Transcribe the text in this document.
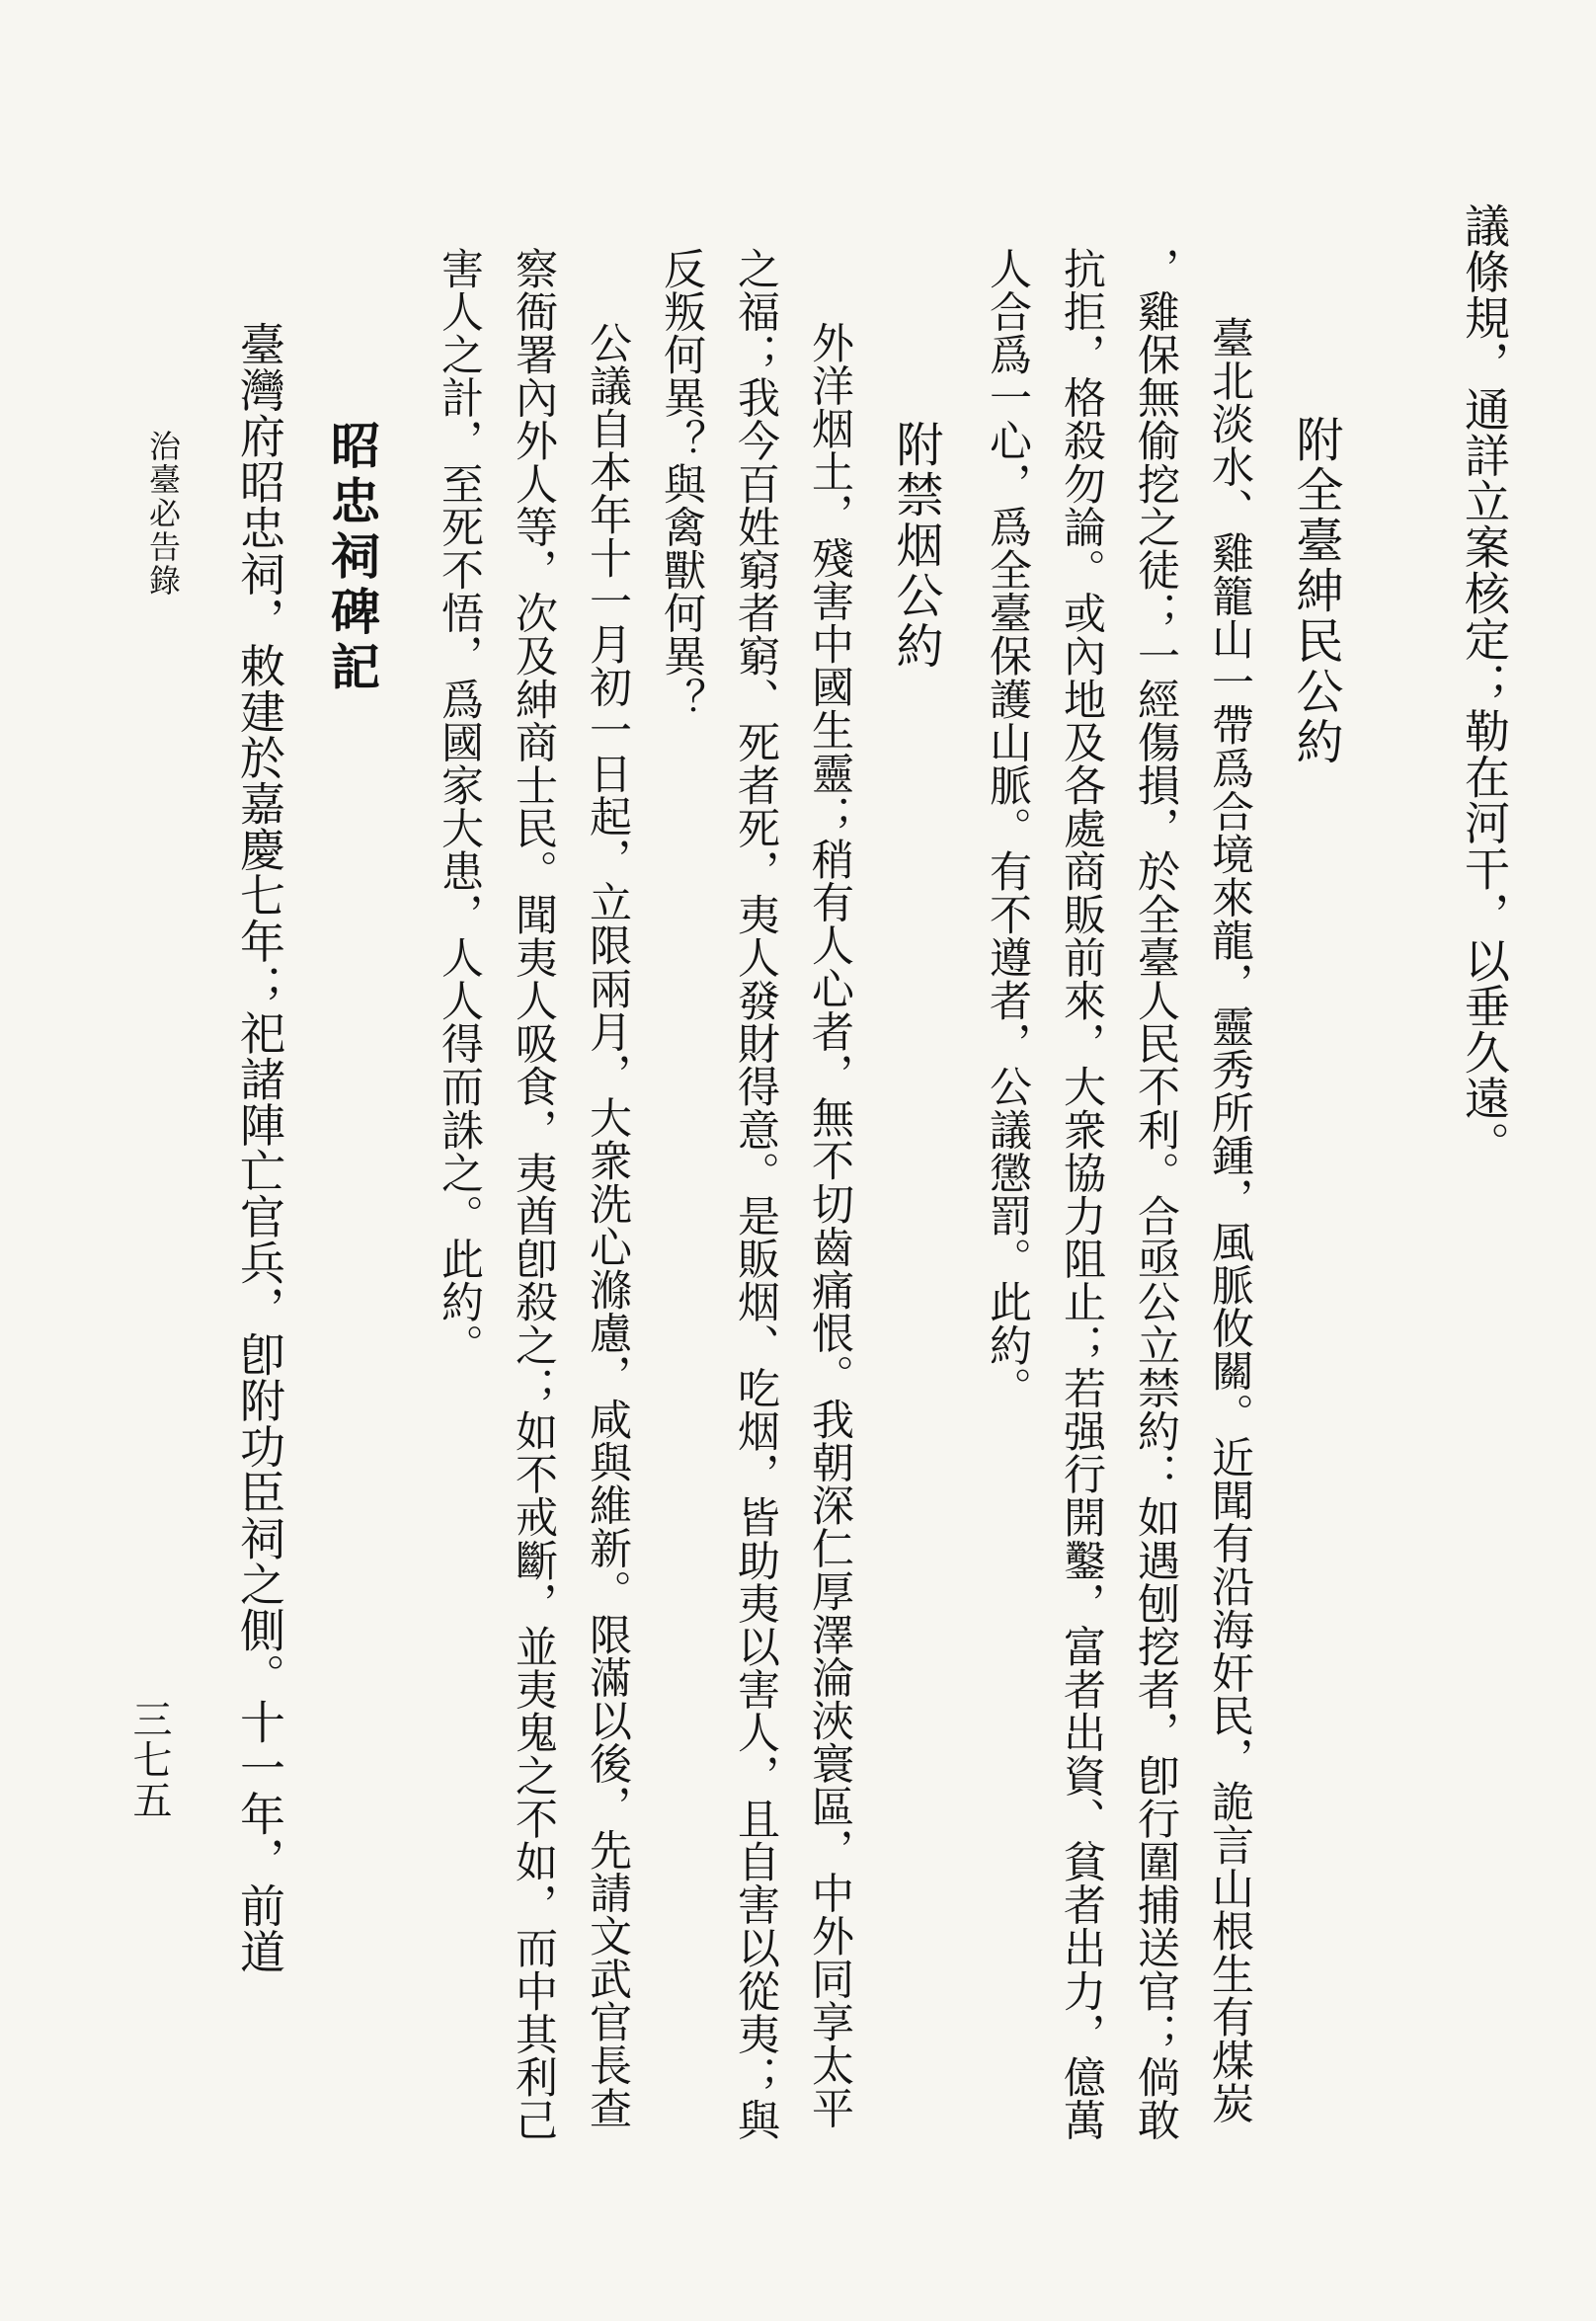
議條規，通詳立案核定；勒在河干，以垂久遠。
附全臺紳民公約
臺北淡水、雞籠山一帶爲合境來龍，靈秀所鍾，風脈攸關。近聞有沿海奸民，詭言山根生有煤炭
，雞保無偷挖之徒；一經傷損，於全臺人民不利。合亟公立禁約：如遇刨挖者，卽行圍捕送官；倘敢
抗拒，格殺勿論。或內地及各處商販前來，大衆協力阻止；若强行開鑿，富者出資、貧者出力，億萬
人合爲一心，爲全臺保護山脈。有不遵者，公議懲罰。此約。
附禁烟公約
外洋烟土，殘害中國生靈；稍有人心者，無不切齒痛恨。我朝深仁厚澤淪浹寰區，中外同享太平
之福；我今百姓窮者窮、死者死，夷人發財得意。是販烟、吃烟，皆助夷以害人，且自害以從夷；與
反叛何異？與禽獸何異？
公議自本年十一月初一日起，立限兩月，大衆洗心滌慮，咸與維新。限滿以後，先請文武官長查
察衙署內外人等，次及紳商士民。聞夷人吸食，夷酋卽殺之；如不戒斷，並夷鬼之不如，而中其利己
害人之計，至死不悟，爲國家大患，人人得而誅之。此約。
昭忠祠碑記
臺灣府昭忠祠，敕建於嘉慶七年；祀諸陣亡官兵，卽附功臣祠之側。十一年，前道
治臺必告錄
三七五
